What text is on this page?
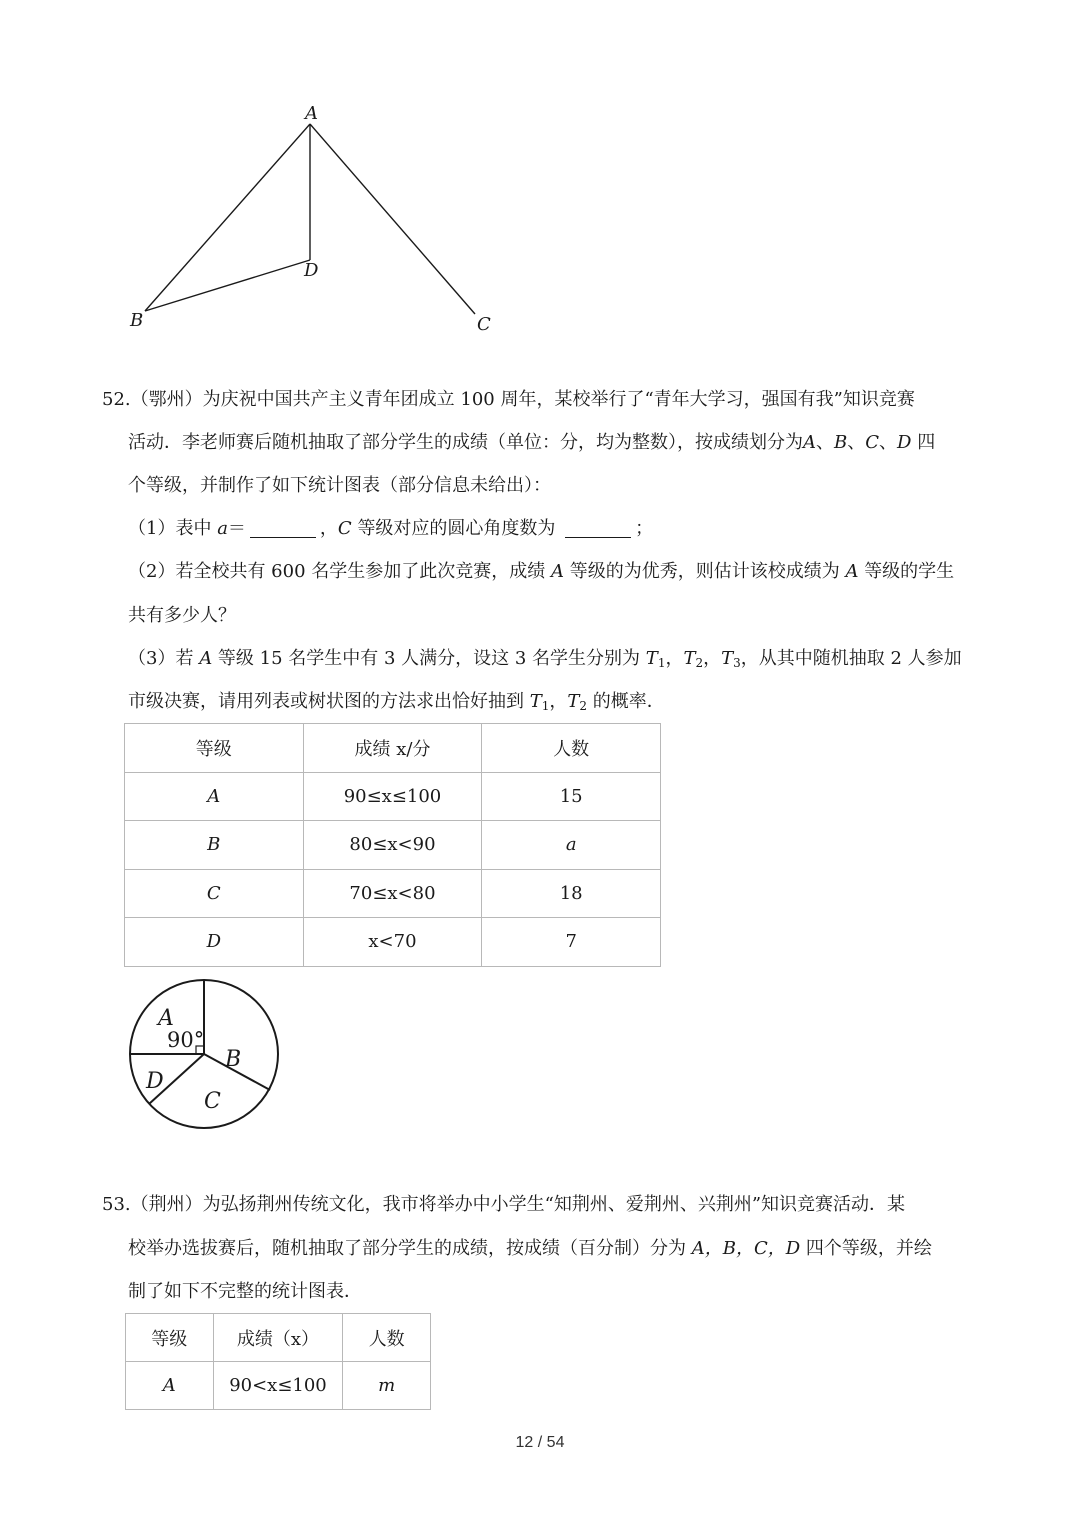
A
B	C
D
52.（鄂州）为庆祝中国共产主义青年团成立 100 周年，某校举行了“青年大学习，强国有我”知识竞赛
活动．李老师赛后随机抽取了部分学生的成绩（单位：分，均为整数），按成绩划分为A、B、C、D 四
个等级，并制作了如下统计图表（部分信息未给出）：
（1）表中 a＝	，C 等级对应的圆心角度数为	；
（2）若全校共有 600 名学生参加了此次竞赛，成绩 A 等级的为优秀，则估计该校成绩为 A 等级的学生
共有多少人？
（3）若 A 等级 15 名学生中有 3 人满分，设这 3 名学生分别为 $T_1$，$T_2$，$T_3$，从其中随机抽取 2 人参加
市级决赛，请用列表或树状图的方法求出恰好抽到 $T_1$，$T_2$ 的概率．
等级	成绩 x/分	人数
A	90≤x≤100	15
B	80≤x<90	a
C	70≤x<80	18
D	x<70	7
A
90°
B
C
D
53.（荆州）为弘扬荆州传统文化，我市将举办中小学生“知荆州、爱荆州、兴荆州”知识竞赛活动．某
校举办选拔赛后，随机抽取了部分学生的成绩，按成绩（百分制）分为 A，B，C，D 四个等级，并绘
制了如下不完整的统计图表．
等级	成绩（x）	人数
A	90<x≤100	m
12 / 54
